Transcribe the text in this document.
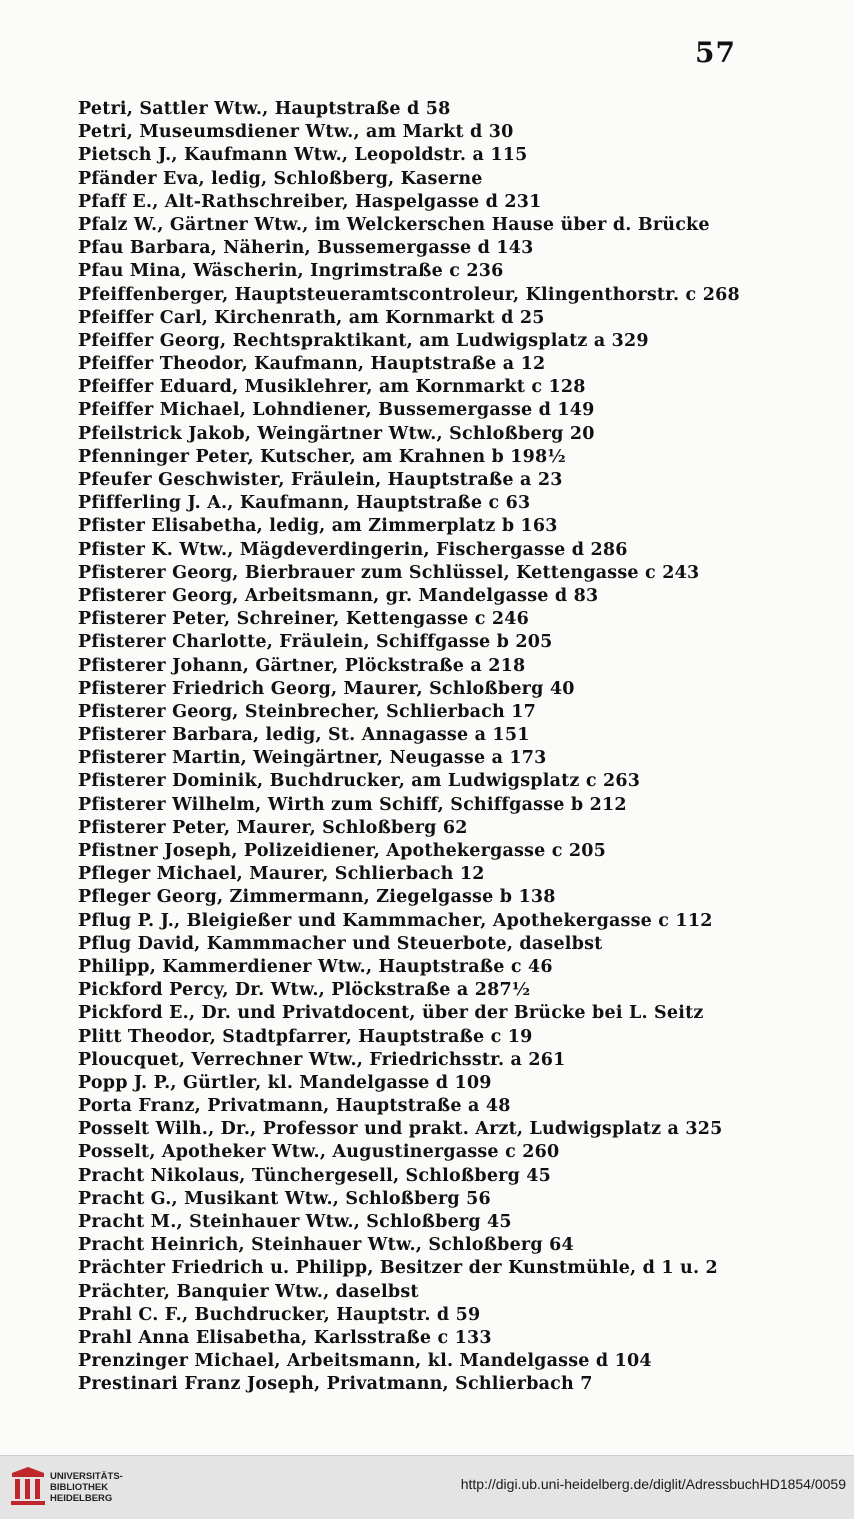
57
Petri, Sattler Wtw., Hauptstraße d 58
Petri, Museumsdiener Wtw., am Markt d 30
Pietsch J., Kaufmann Wtw., Leopoldstr. a 115
Pfänder Eva, ledig, Schloßberg, Kaserne
Pfaff E., Alt-Rathschreiber, Haspelgasse d 231
Pfalz W., Gärtner Wtw., im Welckerschen Hause über d. Brücke
Pfau Barbara, Näherin, Bussemergasse d 143
Pfau Mina, Wäscherin, Ingrimstraße c 236
Pfeiffenberger, Hauptsteueramtscontroleur, Klingenthorstr. c 268
Pfeiffer Carl, Kirchenrath, am Kornmarkt d 25
Pfeiffer Georg, Rechtspraktikant, am Ludwigsplatz a 329
Pfeiffer Theodor, Kaufmann, Hauptstraße a 12
Pfeiffer Eduard, Musiklehrer, am Kornmarkt c 128
Pfeiffer Michael, Lohndiener, Bussemergasse d 149
Pfeilstrick Jakob, Weingärtner Wtw., Schloßberg 20
Pfenninger Peter, Kutscher, am Krahnen b 198½
Pfeufer Geschwister, Fräulein, Hauptstraße a 23
Pfifferling J. A., Kaufmann, Hauptstraße c 63
Pfister Elisabetha, ledig, am Zimmerplatz b 163
Pfister K. Wtw., Mägdeverdingerin, Fischergasse d 286
Pfisterer Georg, Bierbrauer zum Schlüssel, Kettengasse c 243
Pfisterer Georg, Arbeitsmann, gr. Mandelgasse d 83
Pfisterer Peter, Schreiner, Kettengasse c 246
Pfisterer Charlotte, Fräulein, Schiffgasse b 205
Pfisterer Johann, Gärtner, Plöckstraße a 218
Pfisterer Friedrich Georg, Maurer, Schloßberg 40
Pfisterer Georg, Steinbrecher, Schlierbach 17
Pfisterer Barbara, ledig, St. Annagasse a 151
Pfisterer Martin, Weingärtner, Neugasse a 173
Pfisterer Dominik, Buchdrucker, am Ludwigsplatz c 263
Pfisterer Wilhelm, Wirth zum Schiff, Schiffgasse b 212
Pfisterer Peter, Maurer, Schloßberg 62
Pfistner Joseph, Polizeidiener, Apothekergasse c 205
Pfleger Michael, Maurer, Schlierbach 12
Pfleger Georg, Zimmermann, Ziegelgasse b 138
Pflug P. J., Bleigießer und Kammmacher, Apothekergasse c 112
Pflug David, Kammmacher und Steuerbote, daselbst
Philipp, Kammerdiener Wtw., Hauptstraße c 46
Pickford Percy, Dr. Wtw., Plöckstraße a 287½
Pickford E., Dr. und Privatdocent, über der Brücke bei L. Seitz
Plitt Theodor, Stadtpfarrer, Hauptstraße c 19
Ploucquet, Verrechner Wtw., Friedrichsstr. a 261
Popp J. P., Gürtler, kl. Mandelgasse d 109
Porta Franz, Privatmann, Hauptstraße a 48
Posselt Wilh., Dr., Professor und prakt. Arzt, Ludwigsplatz a 325
Posselt, Apotheker Wtw., Augustinergasse c 260
Pracht Nikolaus, Tünchergesell, Schloßberg 45
Pracht G., Musikant Wtw., Schloßberg 56
Pracht M., Steinhauer Wtw., Schloßberg 45
Pracht Heinrich, Steinhauer Wtw., Schloßberg 64
Prächter Friedrich u. Philipp, Besitzer der Kunstmühle, d 1 u. 2
Prächter, Banquier Wtw., daselbst
Prahl C. F., Buchdrucker, Hauptstr. d 59
Prahl Anna Elisabetha, Karlsstraße c 133
Prenzinger Michael, Arbeitsmann, kl. Mandelgasse d 104
Prestinari Franz Joseph, Privatmann, Schlierbach 7
UNIVERSITÄTS-
BIBLIOTHEK
HEIDELBERG
http://digi.ub.uni-heidelberg.de/diglit/AdressbuchHD1854/0059
